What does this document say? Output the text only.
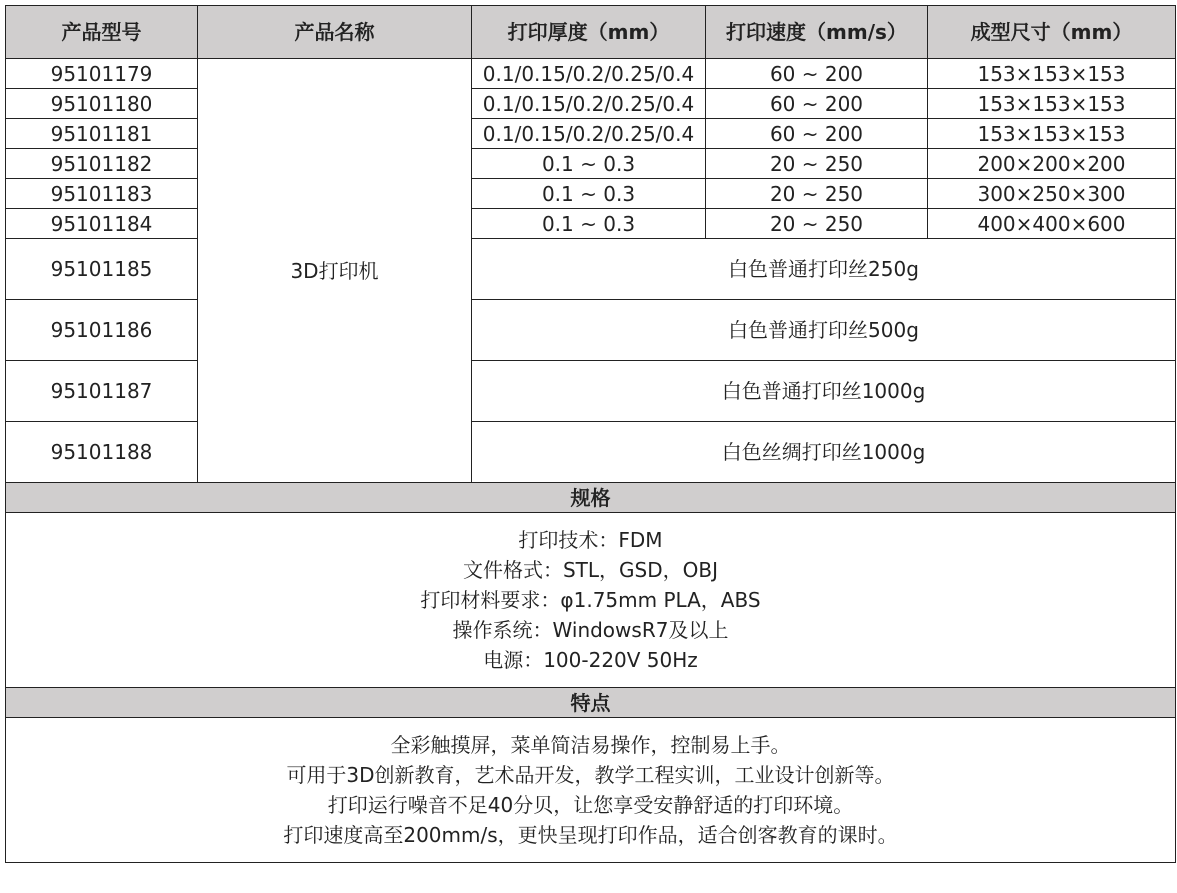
产品型号	产品名称	打印厚度（mm）	打印速度（mm/s）	成型尺寸（mm）
95101179	3D打印机	0.1/0.15/0.2/0.25/0.4	60 ~ 200	153×153×153
95101180		0.1/0.15/0.2/0.25/0.4	60 ~ 200	153×153×153
95101181		0.1/0.15/0.2/0.25/0.4	60 ~ 200	153×153×153
95101182		0.1 ~ 0.3	20 ~ 250	200×200×200
95101183		0.1 ~ 0.3	20 ~ 250	300×250×300
95101184		0.1 ~ 0.3	20 ~ 250	400×400×600
95101185		白色普通打印丝250g		
95101186		白色普通打印丝500g		
95101187		白色普通打印丝1000g		
95101188		白色丝绸打印丝1000g		
规格				

打印技术：FDM
文件格式：STL，GSD，OBJ
打印材料要求：φ1.75mm PLA，ABS
操作系统：WindowsR7及以上
电源：100-220V 50Hz				

特点				

全彩触摸屏，菜单简洁易操作，控制易上手。
可用于3D创新教育，艺术品开发，教学工程实训，工业设计创新等。
打印运行噪音不足40分贝，让您享受安静舒适的打印环境。
打印速度高至200mm/s，更快呈现打印作品，适合创客教育的课时。				
